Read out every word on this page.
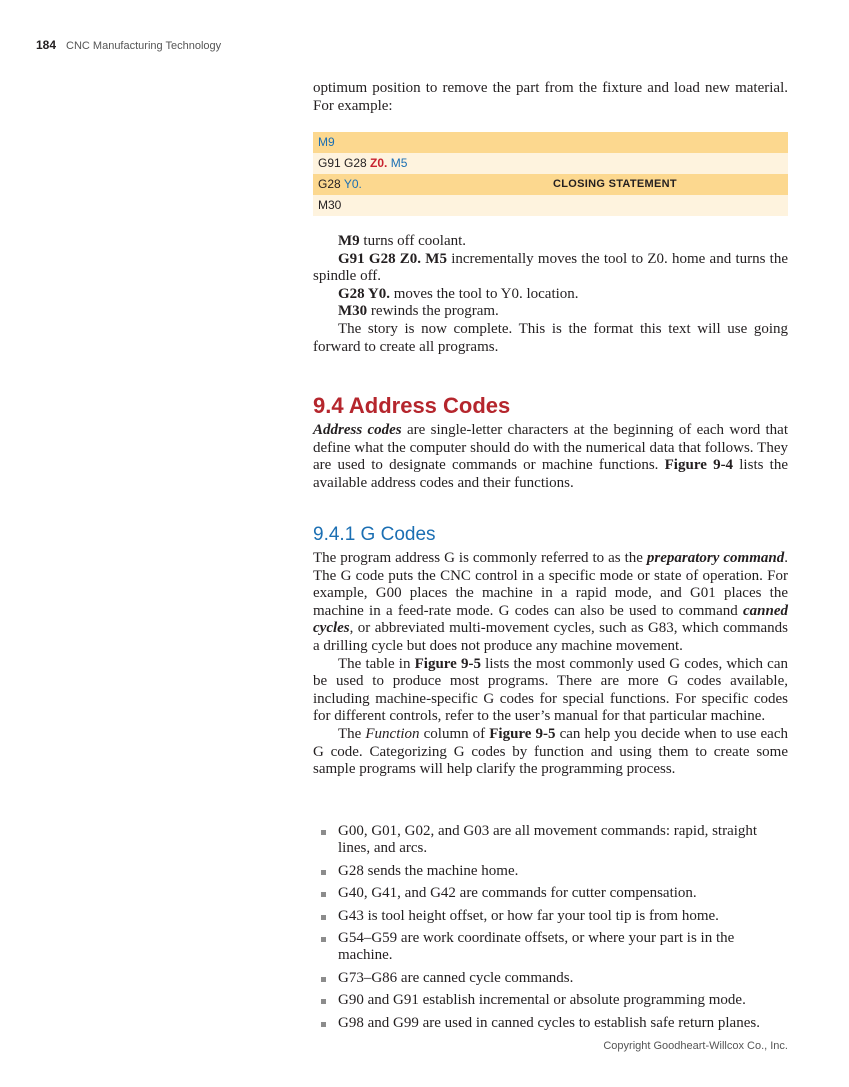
184 CNC Manufacturing Technology

optimum position to remove the part from the fixture and load new material. For example:

M9
G91 G28 Z0. M5
G28 Y0.	CLOSING STATEMENT
M30

M9 turns off coolant.

G91 G28 Z0. M5 incrementally moves the tool to Z0. home and turns the spindle off.

G28 Y0. moves the tool to Y0. location.

M30 rewinds the program.

The story is now complete. This is the format this text will use going forward to create all programs.

9.4 Address Codes

Address codes are single-letter characters at the beginning of each word that define what the computer should do with the numerical data that follows. They are used to designate commands or machine functions. Figure 9-4 lists the available address codes and their functions.

9.4.1 G Codes

The program address G is commonly referred to as the preparatory command. The G code puts the CNC control in a specific mode or state of operation. For example, G00 places the machine in a rapid mode, and G01 places the machine in a feed-rate mode. G codes can also be used to command canned cycles, or abbreviated multi-movement cycles, such as G83, which commands a drilling cycle but does not produce any machine movement.

The table in Figure 9-5 lists the most commonly used G codes, which can be used to produce most programs. There are more G codes available, including machine-specific G codes for special functions. For specific codes for different controls, refer to the user’s manual for that particular machine.

The Function column of Figure 9-5 can help you decide when to use each G code. Categorizing G codes by function and using them to create some sample programs will help clarify the programming process.

G00, G01, G02, and G03 are all movement commands: rapid, straight lines, and arcs.
G28 sends the machine home.
G40, G41, and G42 are commands for cutter compensation.
G43 is tool height offset, or how far your tool tip is from home.
G54–G59 are work coordinate offsets, or where your part is in the machine.
G73–G86 are canned cycle commands.
G90 and G91 establish incremental or absolute programming mode.
G98 and G99 are used in canned cycles to establish safe return planes.
Copyright Goodheart-Willcox Co., Inc.
